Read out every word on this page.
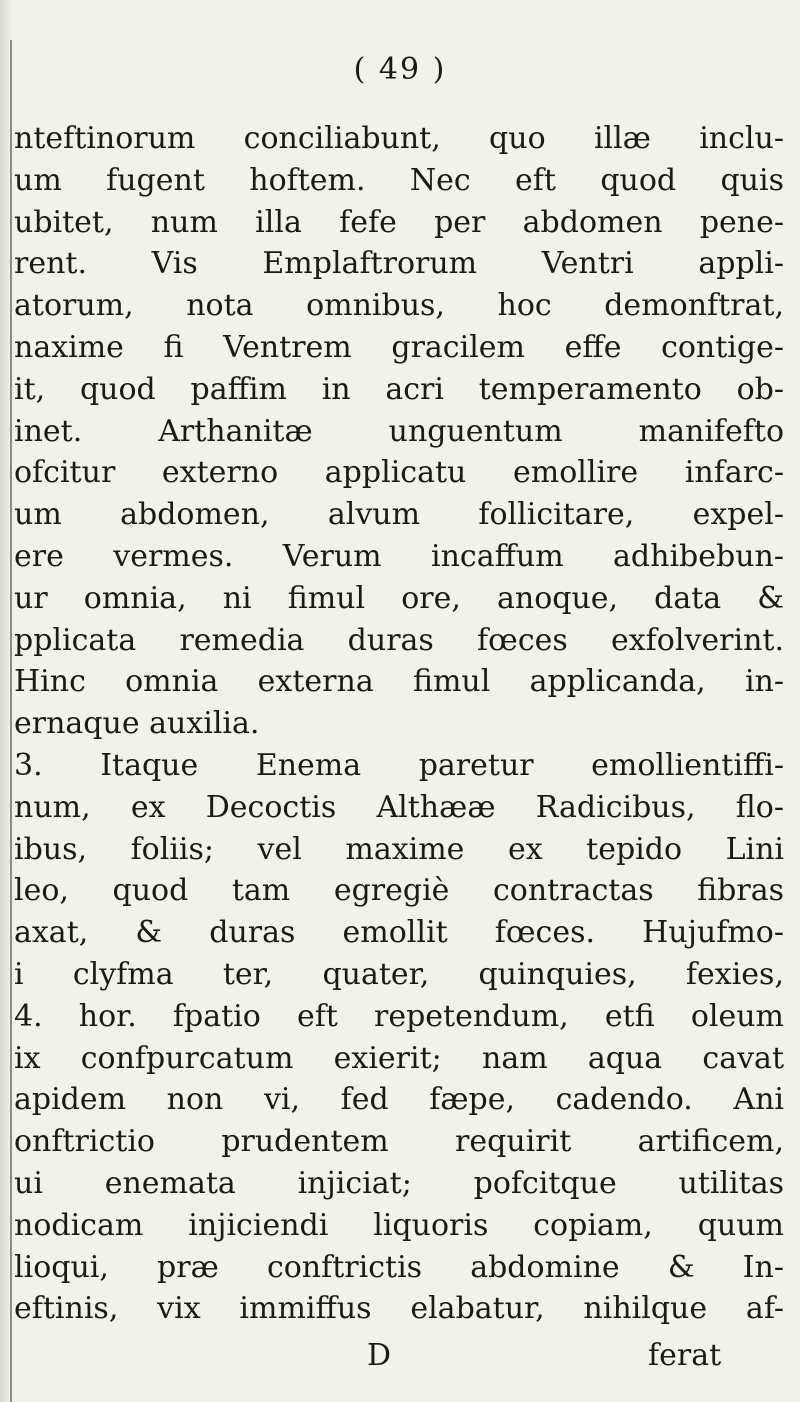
( 49 )
nteftinorum conciliabunt, quo illæ inclu-
um fugent hoftem. Nec eft quod quis
ubitet, num illa fefe per abdomen pene-
rent. Vis Emplaftrorum Ventri appli-
atorum, nota omnibus, hoc demonftrat,
naxime fi Ventrem gracilem effe contige-
it, quod paffim in acri temperamento ob-
inet. Arthanitæ unguentum manifefto
ofcitur externo applicatu emollire infarc-
um abdomen, alvum follicitare, expel-
ere vermes. Verum incaffum adhibebun-
ur omnia, ni fimul ore, anoque, data &
pplicata remedia duras fœces exfolverint.
Hinc omnia externa fimul applicanda, in-
ernaque auxilia.
3. Itaque Enema paretur emollientiffi-
num, ex Decoctis Althææ Radicibus, flo-
ibus, foliis; vel maxime ex tepido Lini
leo, quod tam egregiè contractas fibras
axat, & duras emollit fœces. Hujufmo-
i clyfma ter, quater, quinquies, fexies,
4. hor. fpatio eft repetendum, etfi oleum
ix confpurcatum exierit; nam aqua cavat
apidem non vi, fed fæpe, cadendo. Ani
onftrictio prudentem requirit artificem,
ui enemata injiciat; pofcitque utilitas
nodicam injiciendi liquoris copiam, quum
lioqui, præ conftrictis abdomine & In-
eftinis, vix immiffus elabatur, nihilque af-
D	ferat
